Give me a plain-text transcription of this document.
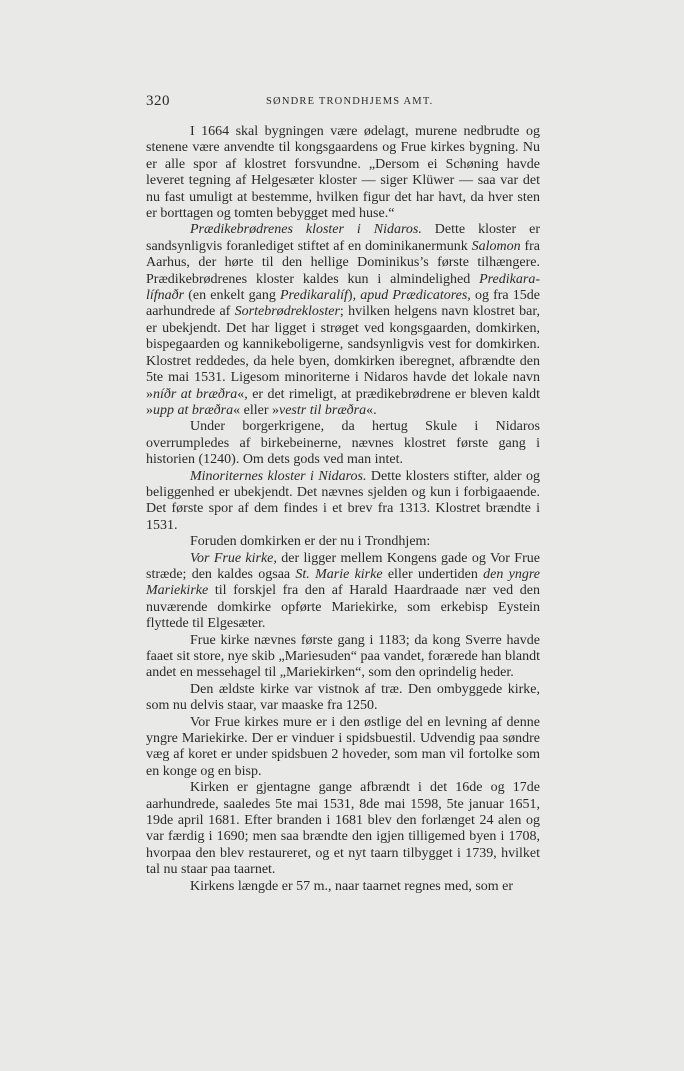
320	SØNDRE TRONDHJEMS AMT.

I 1664 skal bygningen være ødelagt, murene nedbrudte og stenene være anvendte til kongsgaardens og Frue kirkes bygning. Nu er alle spor af klostret forsvundne. „Dersom ei Schøning havde leveret tegning af Helgesæter kloster — siger Klüwer — saa var det nu fast umuligt at bestemme, hvilken figur det har havt, da hver sten er borttagen og tomten bebygget med huse.“

Prædikebrødrenes kloster i Nidaros. Dette kloster er sandsynligvis foranlediget stiftet af en dominikanermunk Salomon fra Aarhus, der hørte til den hellige Dominikus’s første tilhængere. Prædikebrødrenes kloster kaldes kun i almindelighed Predikara-lífnaðr (en enkelt gang Predikaralíf), apud Prædicatores, og fra 15de aarhundrede af Sortebrødrekloster; hvilken helgens navn klostret bar, er ubekjendt. Det har ligget i strøget ved kongsgaarden, domkirken, bispegaarden og kannikeboligerne, sandsynligvis vest for domkirken. Klostret reddedes, da hele byen, domkirken iberegnet, afbrændte den 5te mai 1531. Ligesom minoriterne i Nidaros havde det lokale navn »níðr at bræðra«, er det rimeligt, at prædikebrødrene er bleven kaldt »upp at bræðra« eller »vestr til bræðra«.

Under borgerkrigene, da hertug Skule i Nidaros overrumpledes af birkebeinerne, nævnes klostret første gang i historien (1240). Om dets gods ved man intet.

Minoriternes kloster i Nidaros. Dette klosters stifter, alder og beliggenhed er ubekjendt. Det nævnes sjelden og kun i forbigaaende. Det første spor af dem findes i et brev fra 1313. Klostret brændte i 1531.

Foruden domkirken er der nu i Trondhjem:

Vor Frue kirke, der ligger mellem Kongens gade og Vor Frue stræde; den kaldes ogsaa St. Marie kirke eller undertiden den yngre Mariekirke til forskjel fra den af Harald Haardraade nær ved den nuværende domkirke opførte Mariekirke, som erkebisp Eystein flyttede til Elgesæter.

Frue kirke nævnes første gang i 1183; da kong Sverre havde faaet sit store, nye skib „Mariesuden“ paa vandet, forærede han blandt andet en messehagel til „Mariekirken“, som den oprindelig heder.

Den ældste kirke var vistnok af træ. Den ombyggede kirke, som nu delvis staar, var maaske fra 1250.

Vor Frue kirkes mure er i den østlige del en levning af denne yngre Mariekirke. Der er vinduer i spidsbuestil. Udvendig paa søndre væg af koret er under spidsbuen 2 hoveder, som man vil fortolke som en konge og en bisp.

Kirken er gjentagne gange afbrændt i det 16de og 17de aarhundrede, saaledes 5te mai 1531, 8de mai 1598, 5te januar 1651, 19de april 1681. Efter branden i 1681 blev den forlænget 24 alen og var færdig i 1690; men saa brændte den igjen tilligemed byen i 1708, hvorpaa den blev restaureret, og et nyt taarn tilbygget i 1739, hvilket tal nu staar paa taarnet.

Kirkens længde er 57 m., naar taarnet regnes med, som er
